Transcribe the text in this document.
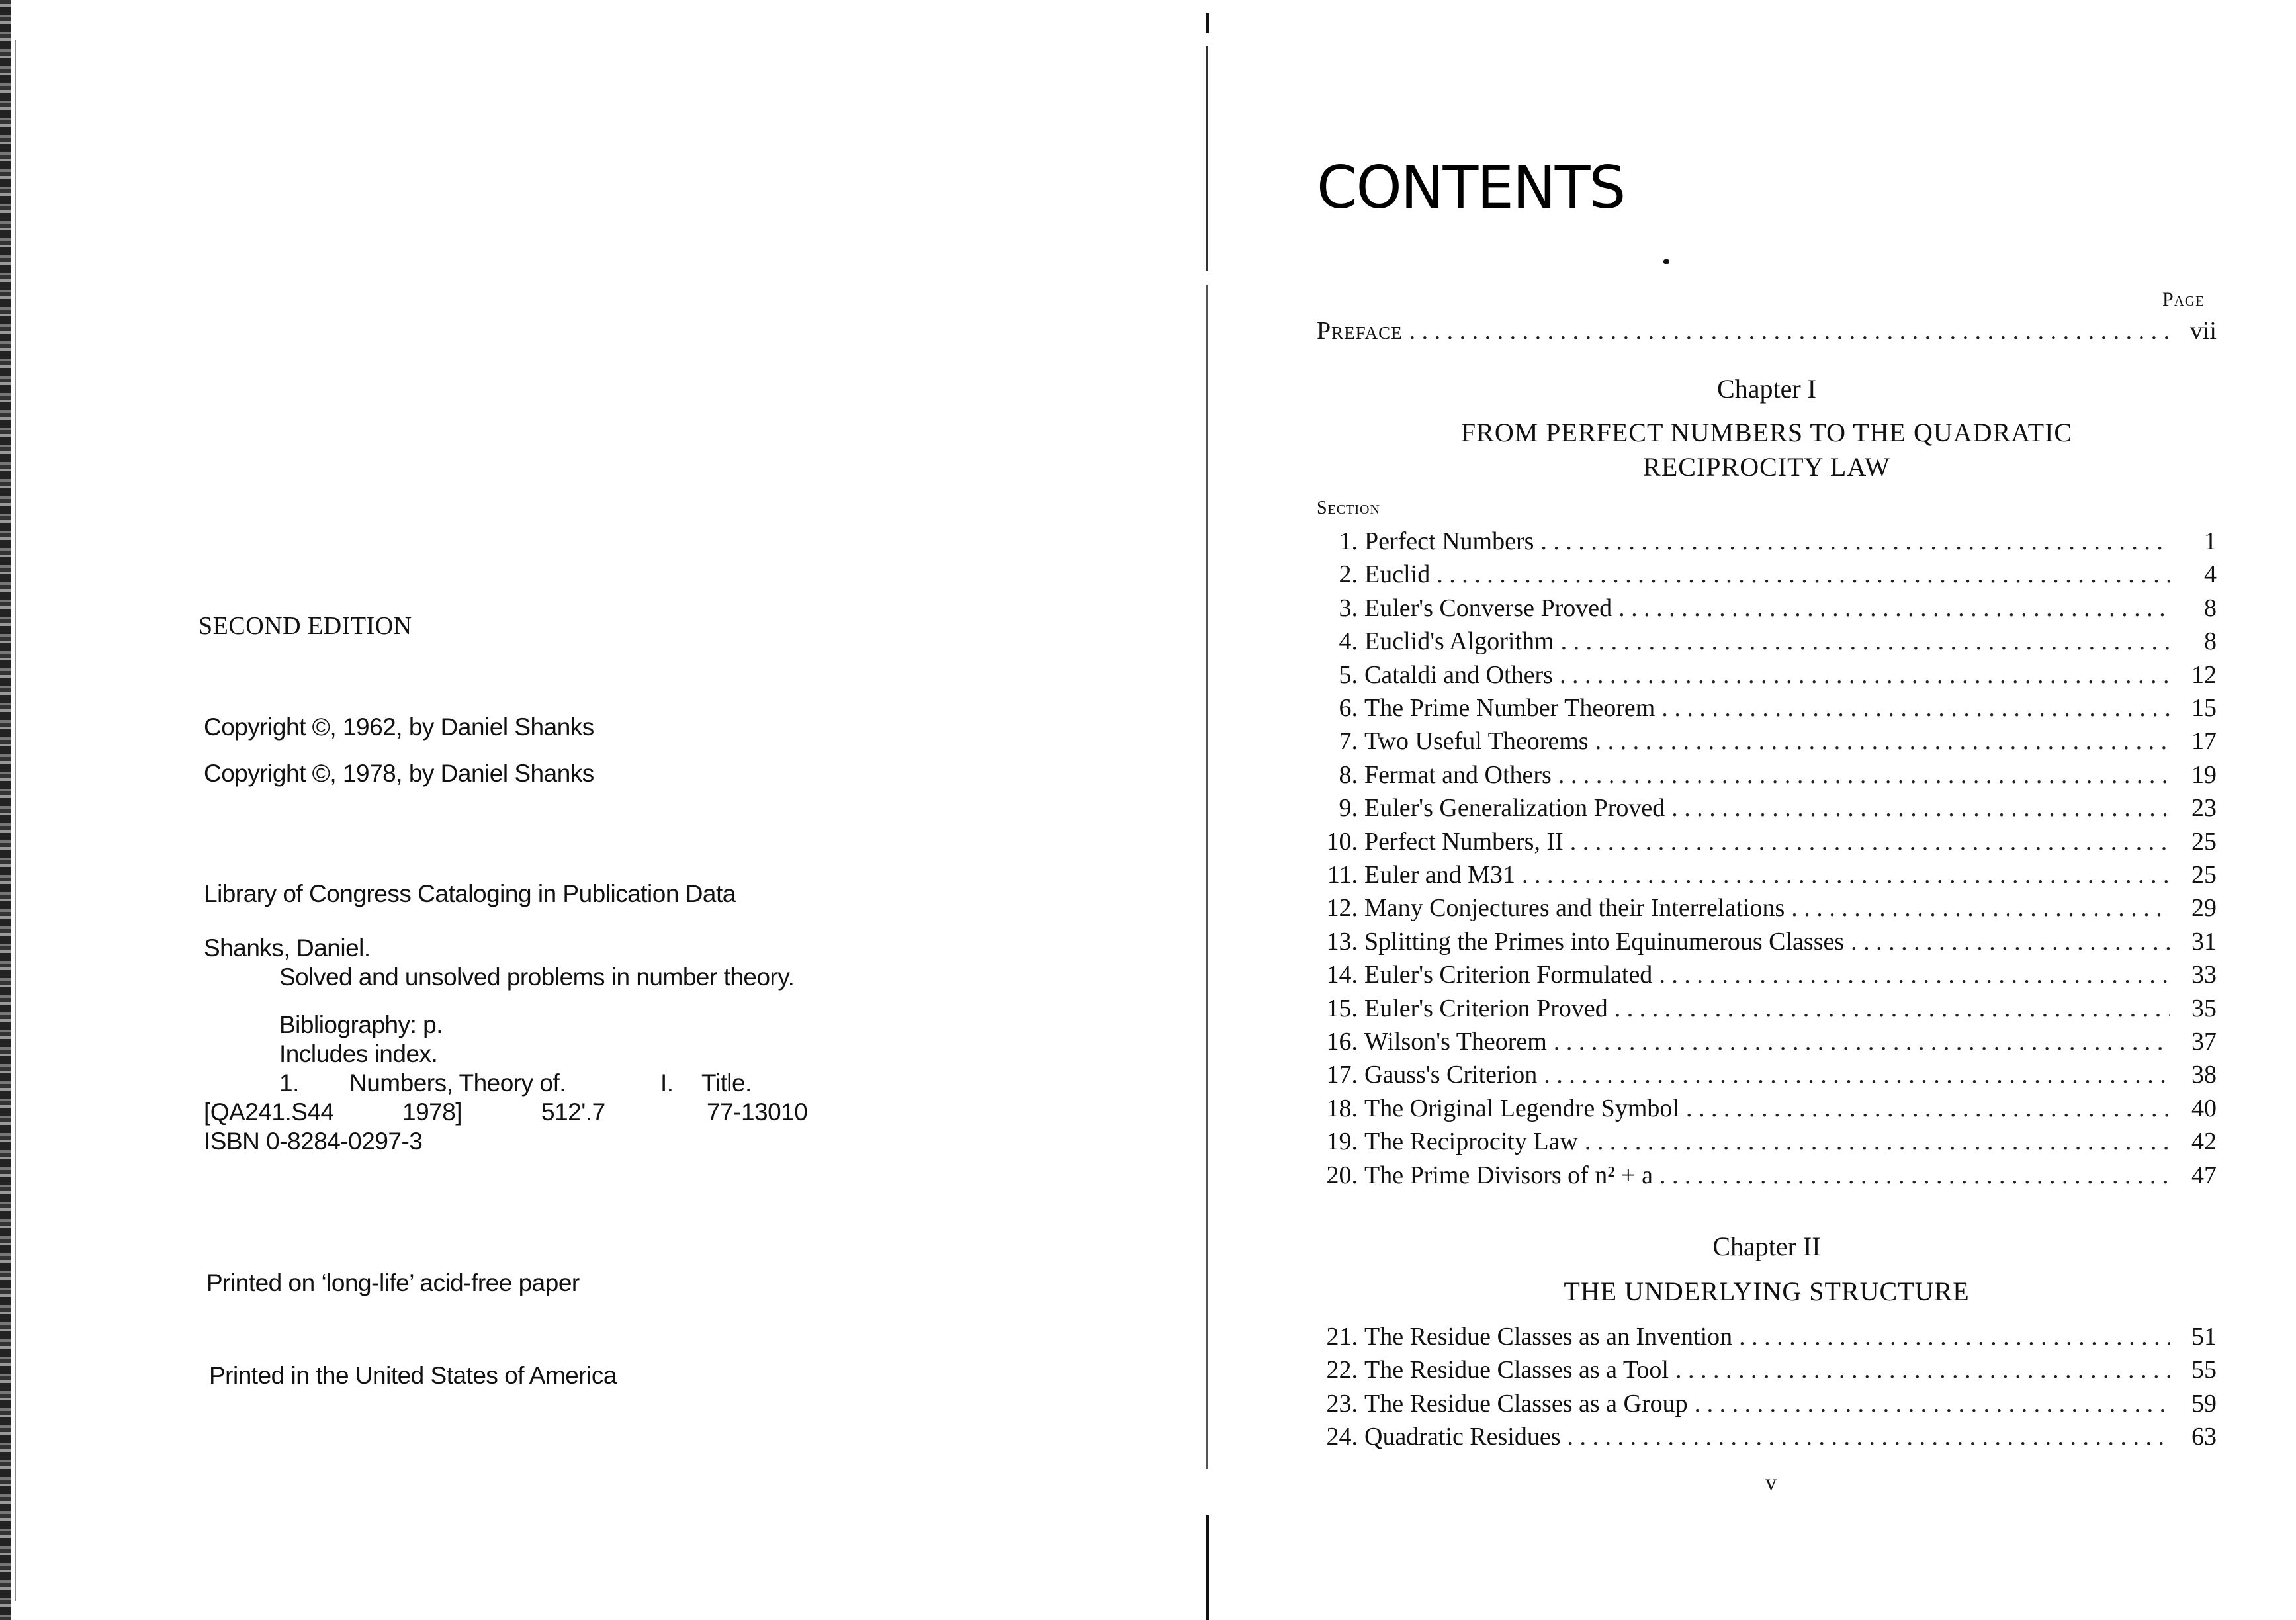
SECOND EDITION
Copyright ©, 1962, by Daniel Shanks
Copyright ©, 1978, by Daniel Shanks
Library of Congress Cataloging in Publication Data
Shanks, Daniel.
Solved and unsolved problems in number theory.
Bibliography: p.
Includes index.
1. Numbers, Theory of.	I. Title.
[QA241.S44	1978]	512'.7	77-13010
ISBN 0-8284-0297-3
Printed on ‘long-life’ acid-free paper
Printed in the United States of America
CONTENTS
Page
Preface . . .	vii
Chapter I
FROM PERFECT NUMBERS TO THE QUADRATIC
RECIPROCITY LAW
Section
1. Perfect Numbers . . .	1
2. Euclid . . .	4
3. Euler's Converse Proved . . .	8
4. Euclid's Algorithm . . .	8
5. Cataldi and Others . . .	12
6. The Prime Number Theorem . . .	15
7. Two Useful Theorems . . .	17
8. Fermat and Others . . .	19
9. Euler's Generalization Proved . . .	23
10. Perfect Numbers, II . . .	25
11. Euler and M31 . . .	25
12. Many Conjectures and their Interrelations . . .	29
13. Splitting the Primes into Equinumerous Classes . . .	31
14. Euler's Criterion Formulated . . .	33
15. Euler's Criterion Proved . . .	35
16. Wilson's Theorem . . .	37
17. Gauss's Criterion . . .	38
18. The Original Legendre Symbol . . .	40
19. The Reciprocity Law . . .	42
20. The Prime Divisors of n² + a . . .	47
Chapter II
THE UNDERLYING STRUCTURE
21. The Residue Classes as an Invention . . .	51
22. The Residue Classes as a Tool . . .	55
23. The Residue Classes as a Group . . .	59
24. Quadratic Residues . . .	63
v
